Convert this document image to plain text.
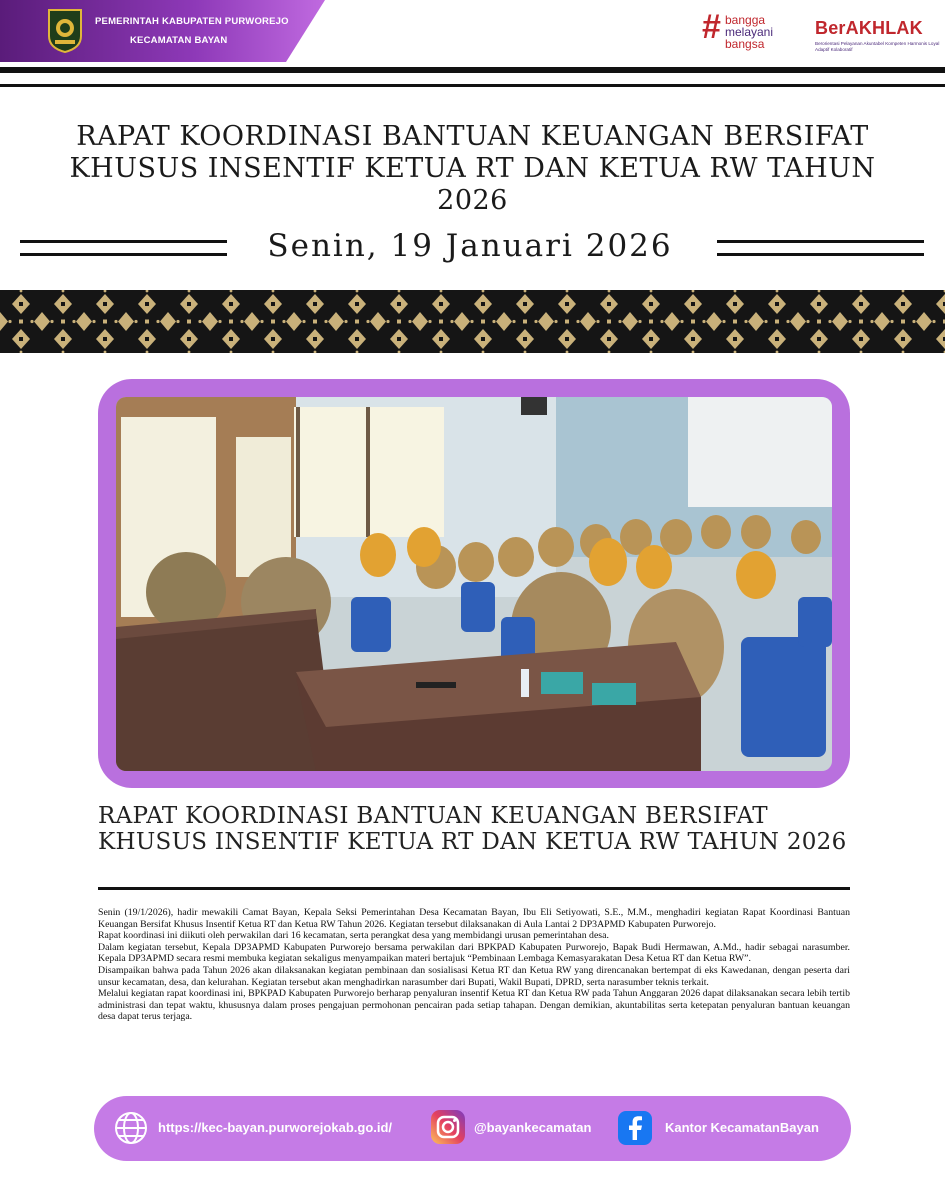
PEMERINTAH KABUPATEN PURWOREJO
KECAMATAN BAYAN	# bangga
melayani
bangsa
BerAKHLAK
Berorientasi Pelayanan Akuntabel Kompeten Harmonis Loyal Adaptif Kolaboratif
RAPAT KOORDINASI BANTUAN KEUANGAN BERSIFAT
KHUSUS INSENTIF KETUA RT DAN KETUA RW TAHUN 2026
Senin, 19 Januari 2026
RAPAT KOORDINASI BANTUAN KEUANGAN BERSIFAT
KHUSUS INSENTIF KETUA RT DAN KETUA RW TAHUN 2026

Senin (19/1/2026), hadir mewakili Camat Bayan, Kepala Seksi Pemerintahan Desa Kecamatan Bayan, Ibu Eli Setiyowati, S.E., M.M., menghadiri kegiatan Rapat Koordinasi Bantuan Keuangan Bersifat Khusus Insentif Ketua RT dan Ketua RW Tahun 2026. Kegiatan tersebut dilaksanakan di Aula Lantai 2 DP3APMD Kabupaten Purworejo.

Rapat koordinasi ini diikuti oleh perwakilan dari 16 kecamatan, serta perangkat desa yang membidangi urusan pemerintahan desa.

Dalam kegiatan tersebut, Kepala DP3APMD Kabupaten Purworejo bersama perwakilan dari BPKPAD Kabupaten Purworejo, Bapak Budi Hermawan, A.Md., hadir sebagai narasumber. Kepala DP3APMD secara resmi membuka kegiatan sekaligus menyampaikan materi bertajuk “Pembinaan Lembaga Kemasyarakatan Desa Ketua RT dan Ketua RW”.

Disampaikan bahwa pada Tahun 2026 akan dilaksanakan kegiatan pembinaan dan sosialisasi Ketua RT dan Ketua RW yang direncanakan bertempat di eks Kawedanan, dengan peserta dari unsur kecamatan, desa, dan kelurahan. Kegiatan tersebut akan menghadirkan narasumber dari Bupati, Wakil Bupati, DPRD, serta narasumber teknis terkait.

Melalui kegiatan rapat koordinasi ini, BPKPAD Kabupaten Purworejo berharap penyaluran insentif Ketua RT dan Ketua RW pada Tahun Anggaran 2026 dapat dilaksanakan secara lebih tertib administrasi dan tepat waktu, khususnya dalam proses pengajuan permohonan pencairan pada setiap tahapan. Dengan demikian, akuntabilitas serta ketepatan penyaluran bantuan keuangan desa dapat terus terjaga.

https://kec-bayan.purworejokab.go.id/	@bayankecamatan	Kantor KecamatanBayan
